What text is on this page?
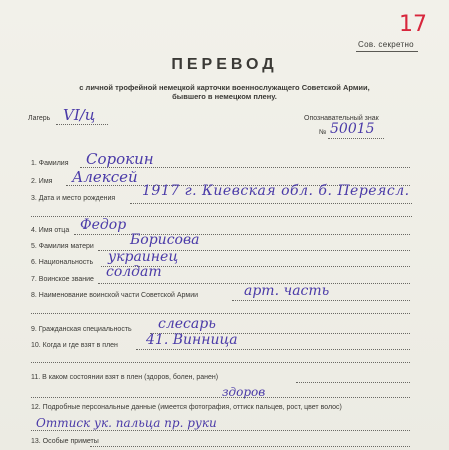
17
Сов. секретно
ПЕРЕВОД
с личной трофейной немецкой карточки военнослужащего Советской Армии,
бывшего в немецком плену.
Лагерь VI/ц	Опознавательный знак
№ 50015
1. Фамилия Сорокин
2. Имя Алексей
3. Дата и место рождения 1917 г. Киевская обл. б. Переясл.
4. Имя отца Федор
5. Фамилия матери	Борисова
6. Национальность украинец
7. Воинское звание солдат
8. Наименование воинской части Советской Армии	арт. часть
9. Гражданская специальность слесарь
10. Когда и где взят в плен 41. Винница
11. В каком состоянии взят в плен (здоров, болен, ранен)
здоров
12. Подробные персональные данные (имеется фотография, оттиск пальцев, рост, цвет волос)
Оттиск ук. пальца пр. руки
13. Особые приметы
